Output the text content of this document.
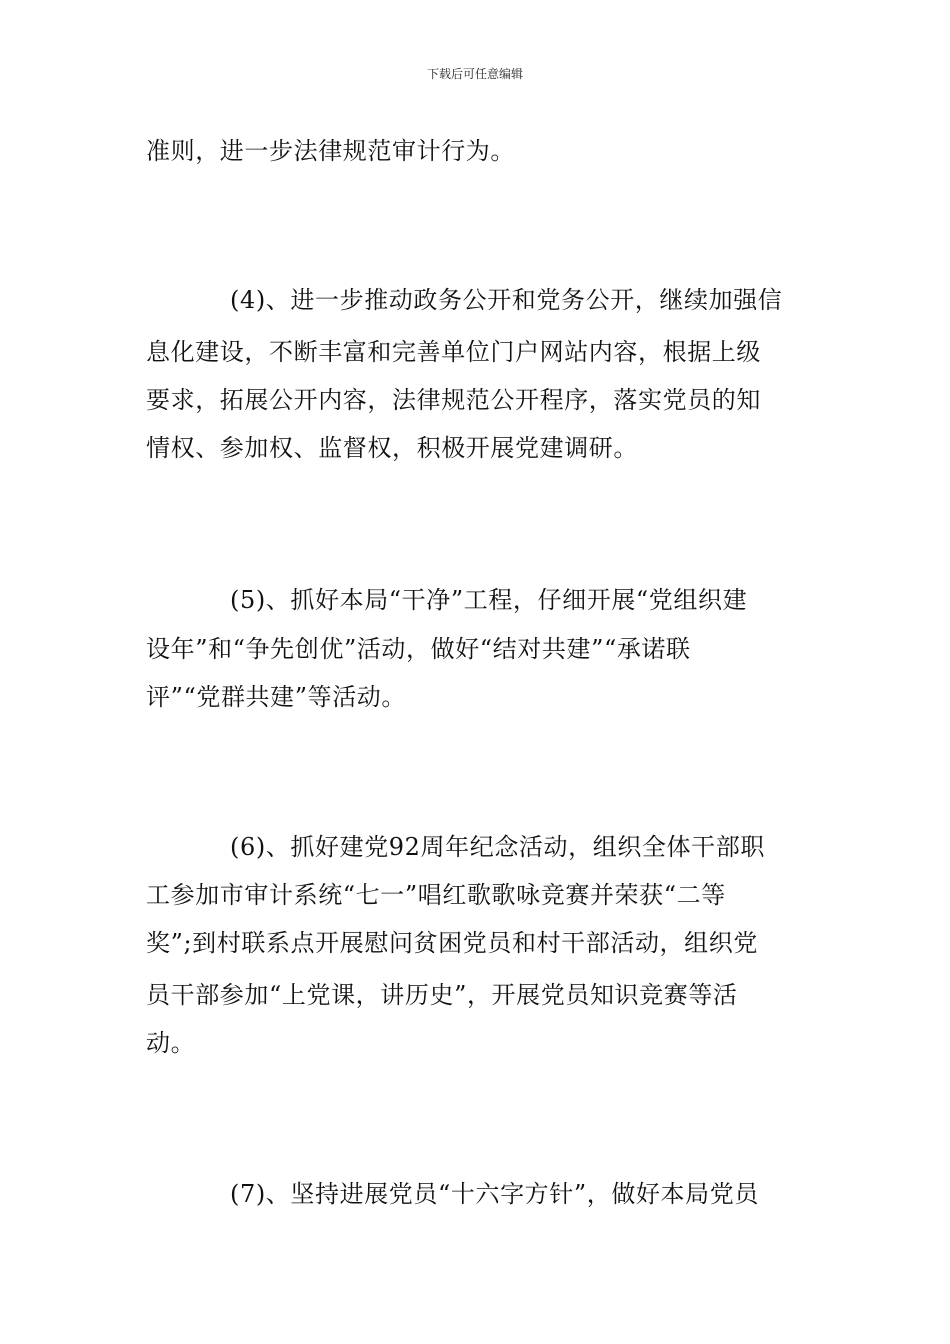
下载后可任意编辑
准则，进一步法律规范审计行为。
(4)、进一步推动政务公开和党务公开，继续加强信
息化建设，不断丰富和完善单位门户网站内容，根据上级
要求，拓展公开内容，法律规范公开程序，落实党员的知
情权、参加权、监督权，积极开展党建调研。
(5)、抓好本局“干净”工程，仔细开展“党组织建
设年”和“争先创优”活动，做好“结对共建”“承诺联
评”“党群共建”等活动。
(6)、抓好建党92周年纪念活动，组织全体干部职
工参加市审计系统“七一”唱红歌歌咏竞赛并荣获“二等
奖”;到村联系点开展慰问贫困党员和村干部活动，组织党
员干部参加“上党课，讲历史”，开展党员知识竞赛等活
动。
(7)、坚持进展党员“十六字方针”，做好本局党员
